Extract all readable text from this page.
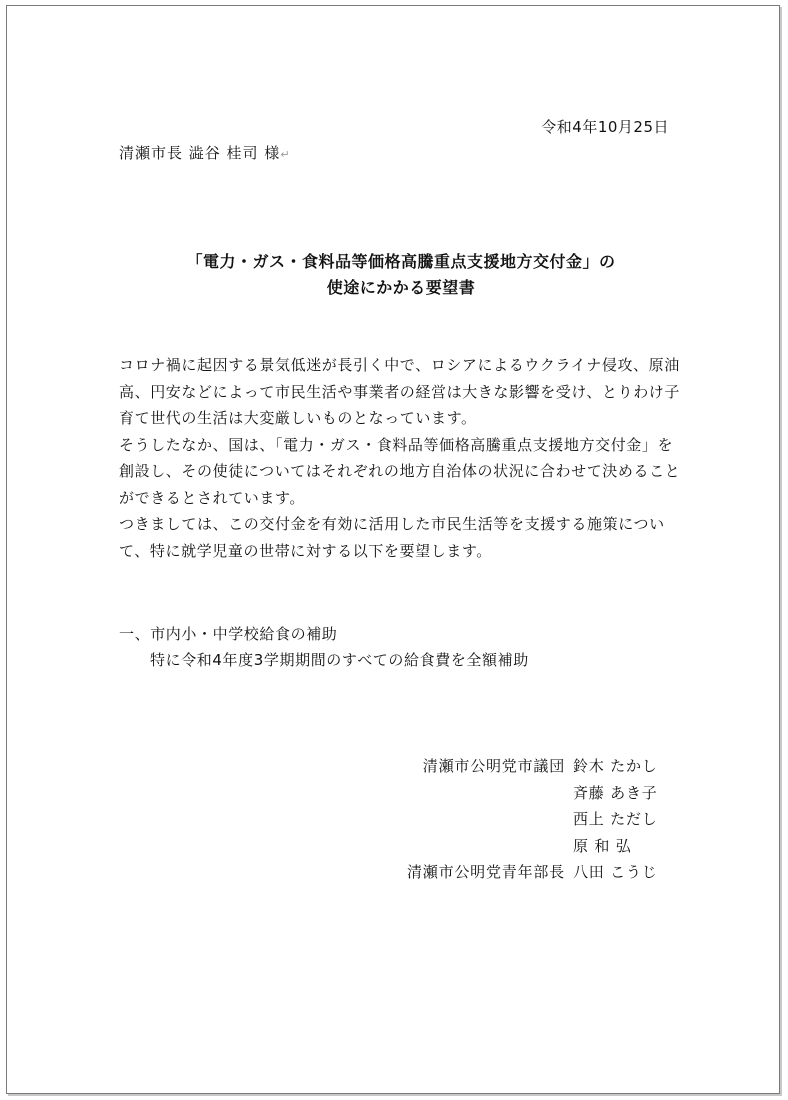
令和4年10月25日
清瀬市長 澁谷 桂司 様↵
「電力・ガス・食料品等価格高騰重点支援地方交付金」の
使途にかかる要望書

コロナ禍に起因する景気低迷が長引く中で、ロシアによるウクライナ侵攻、原油高、円安などによって市民生活や事業者の経営は大きな影響を受け、とりわけ子育て世代の生活は大変厳しいものとなっています。

そうしたなか、国は、「電力・ガス・食料品等価格高騰重点支援地方交付金」を創設し、その使徒についてはそれぞれの地方自治体の状況に合わせて決めることができるとされています。

つきましては、この交付金を有効に活用した市民生活等を支援する施策について、特に就学児童の世帯に対する以下を要望します。

一、市内小・中学校給食の補助
特に令和4年度3学期期間のすべての給食費を全額補助
清瀬市公明党市議団 鈴木 たかし
斉藤 あき子
西上 ただし
原 和 弘
清瀬市公明党青年部長 八田 こうじ
